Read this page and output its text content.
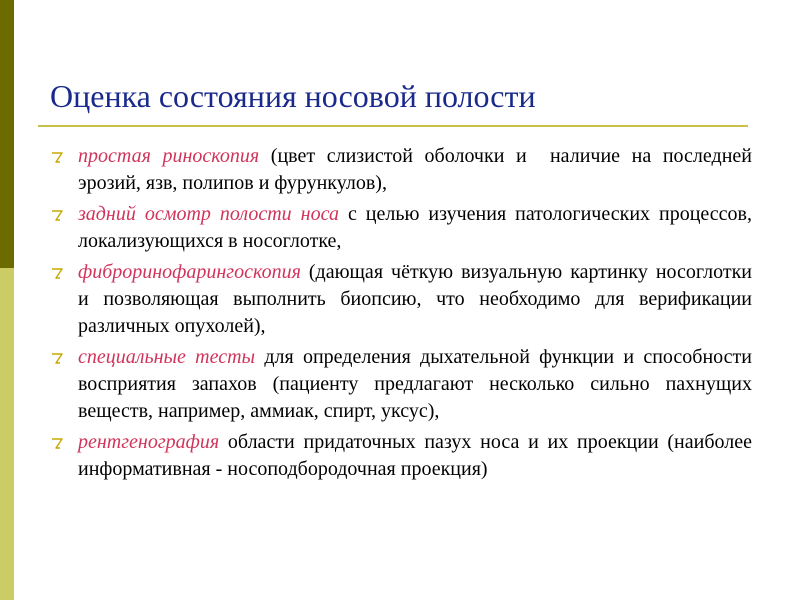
Оценка состояния носовой полости
простая риноскопия (цвет слизистой оболочки и  наличие на последней эрозий, язв, полипов и фурункулов),
задний осмотр полости носа с целью изучения патологических процессов, локализующихся в носоглотке,
фиброринофарингоскопия (дающая чёткую визуальную картинку носоглотки и позволяющая выполнить биопсию, что необходимо для верификации различных опухолей),
специальные тесты для определения дыхательной функции и способности восприятия запахов (пациенту предлагают несколько сильно пахнущих веществ, например, аммиак, спирт, уксус),
рентгенография области придаточных пазух носа и их проекции (наиболее информативная - носоподбородочная проекция)
